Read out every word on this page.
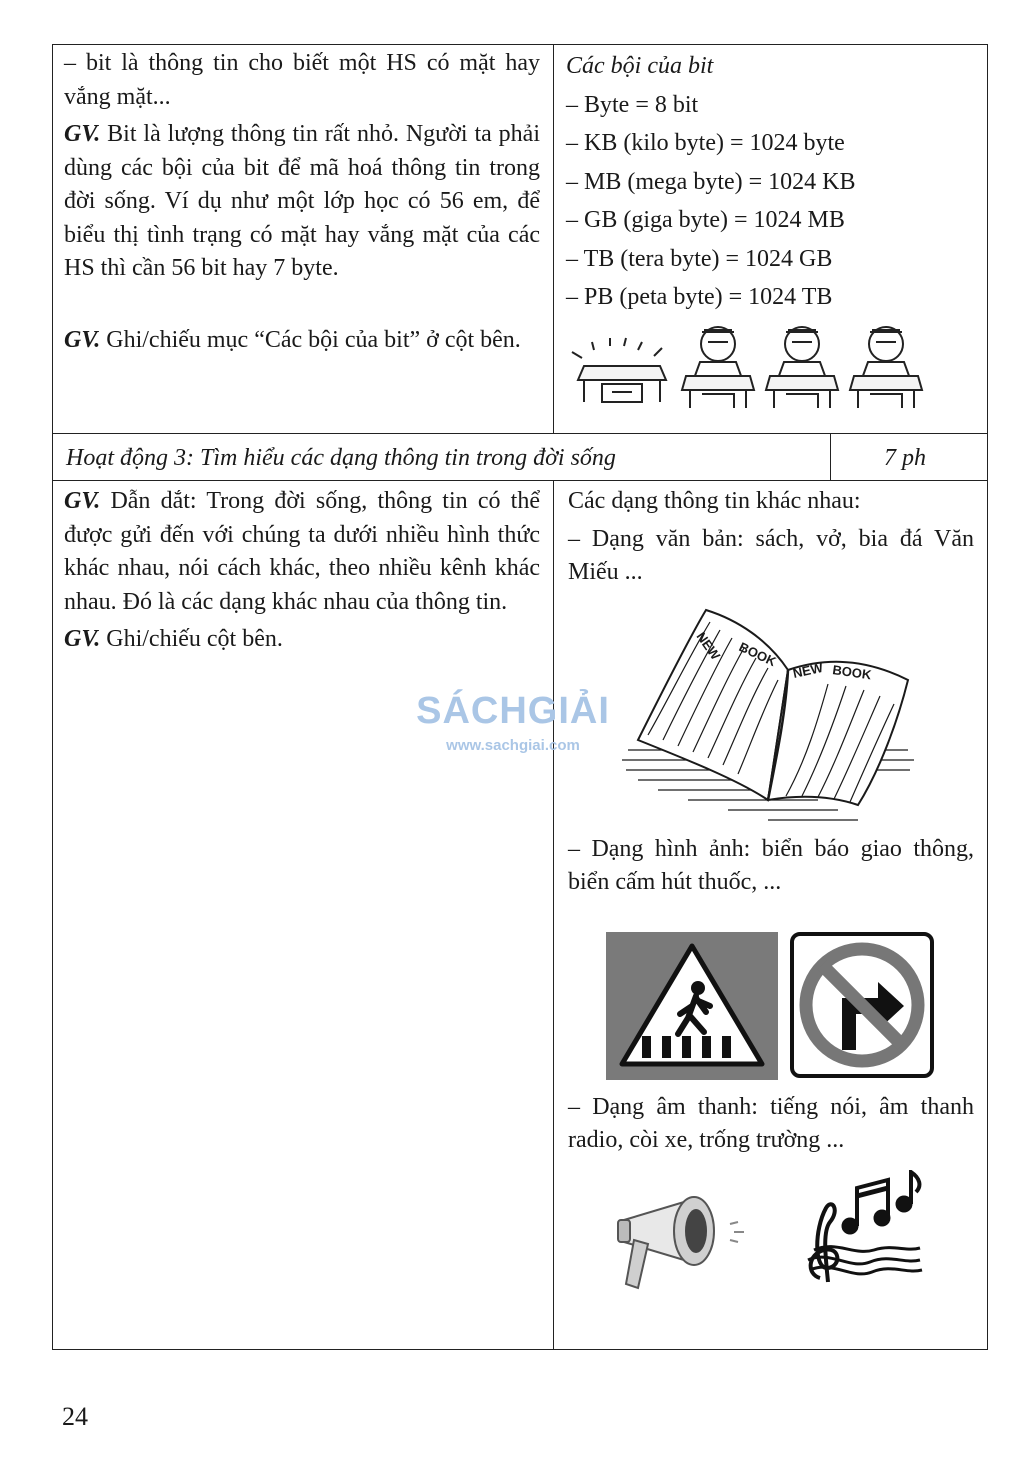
– bit là thông tin cho biết một HS có mặt hay vắng mặt...

GV. Bit là lượng thông tin rất nhỏ. Người ta phải dùng các bội của bit để mã hoá thông tin trong đời sống. Ví dụ như một lớp học có 56 em, để biểu thị tình trạng có mặt hay vắng mặt của các HS thì cần 56 bit hay 7 byte.

GV. Ghi/chiếu mục “Các bội của bit” ở cột bên.

Các bội của bit

– Byte = 8 bit

– KB (kilo byte) = 1024 byte

– MB (mega byte) = 1024 KB

– GB (giga byte) = 1024 MB

– TB (tera byte) = 1024 GB

– PB (peta byte) = 1024 TB

Hoạt động 3: Tìm hiểu các dạng thông tin trong đời sống	7 ph

GV. Dẫn dắt: Trong đời sống, thông tin có thể được gửi đến với chúng ta dưới nhiều hình thức khác nhau, nói cách khác, theo nhiều kênh khác nhau. Đó là các dạng khác nhau của thông tin.

GV. Ghi/chiếu cột bên.

Các dạng thông tin khác nhau:

– Dạng văn bản: sách, vở, bia đá Văn Miếu ...

– Dạng hình ảnh: biển báo giao thông, biển cấm hút thuốc, ...

– Dạng âm thanh: tiếng nói, âm thanh radio, còi xe, trống trường ...

NEW BOOK
NEW BOOK
SÁCHGIẢI
www.sachgiai.com
24
